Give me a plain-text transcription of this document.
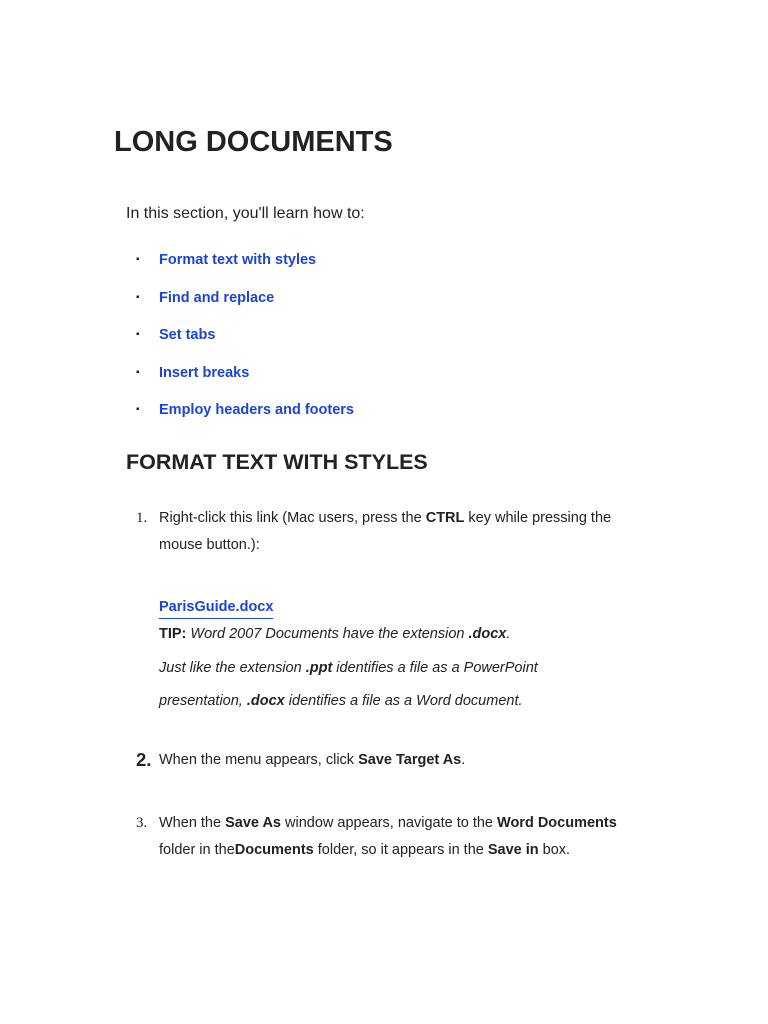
LONG DOCUMENTS
In this section, you'll learn how to:
▪	Format text with styles
▪	Find and replace
▪	Set tabs
▪	Insert breaks
▪	Employ headers and footers
FORMAT TEXT WITH STYLES
1. Right-click this link (Mac users, press the CTRL key while pressing the mouse button.):
ParisGuide.docx
TIP: Word 2007 Documents have the extension .docx.
Just like the extension .ppt identifies a file as a PowerPoint
presentation, .docx identifies a file as a Word document.
2. When the menu appears, click Save Target As.
3. When the Save As window appears, navigate to the Word Documents folder in theDocuments folder, so it appears in the Save in box.
